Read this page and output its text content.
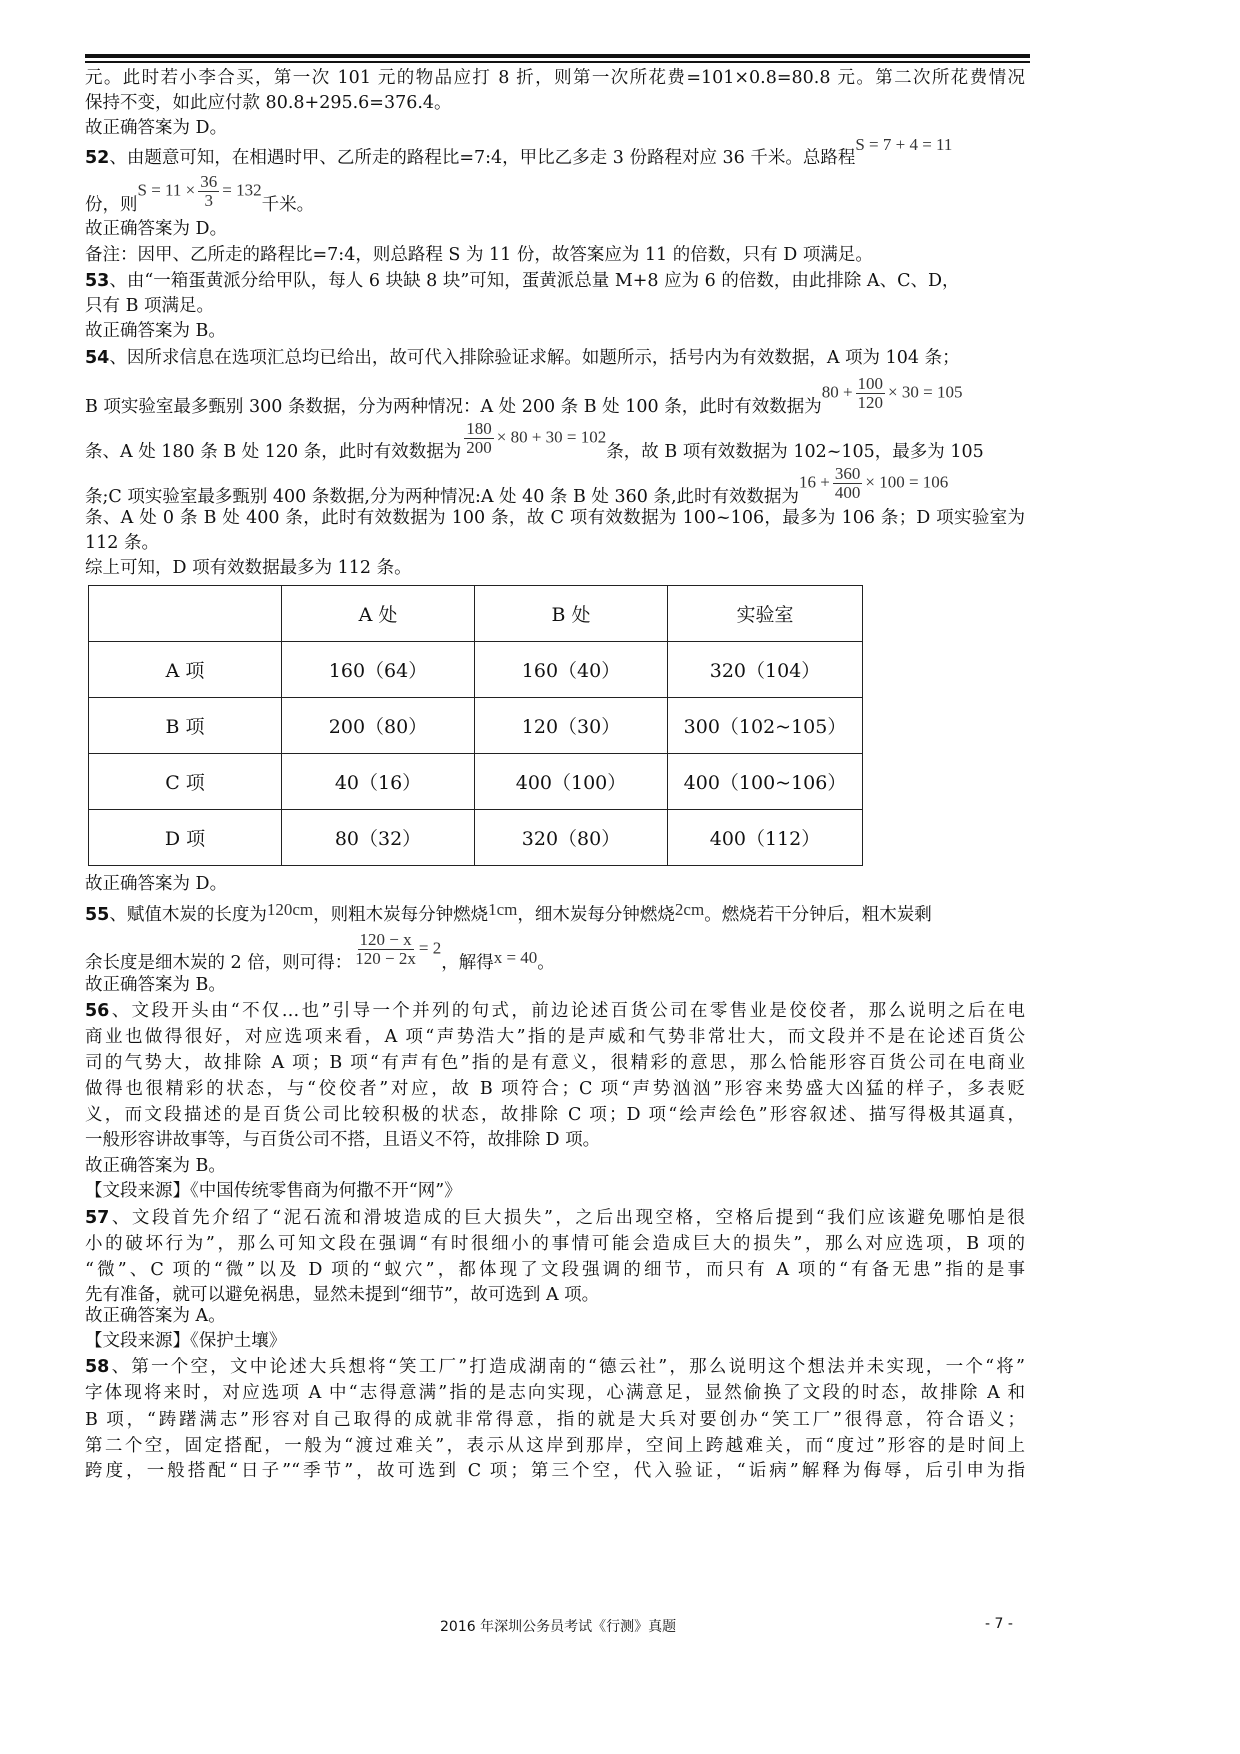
元。此时若小李合买，第一次 101 元的物品应打 8 折，则第一次所花费=101×0.8=80.8 元。第二次所花费情况
保持不变，如此应付款 80.8+295.6=376.4。
故正确答案为 D。
52、由题意可知，在相遇时甲、乙所走的路程比=7:4，甲比乙多走 3 份路程对应 36 千米。总路程S = 7 + 4 = 11
份，则$S = 11 \times \frac{36}{3} = 132$千米。
故正确答案为 D。
备注：因甲、乙所走的路程比=7:4，则总路程 S 为 11 份，故答案应为 11 的倍数，只有 D 项满足。
53、由“一箱蛋黄派分给甲队，每人 6 块缺 8 块”可知，蛋黄派总量 M+8 应为 6 的倍数，由此排除 A、C、D，
只有 B 项满足。
故正确答案为 B。
54、因所求信息在选项汇总均已给出，故可代入排除验证求解。如题所示，括号内为有效数据，A 项为 104 条；
B 项实验室最多甄别 300 条数据，分为两种情况：A 处 200 条 B 处 100 条，此时有效数据为$80 + \frac{100}{120} \times 30 = 105$
条、A 处 180 条 B 处 120 条，此时有效数据为 $\frac{180}{200} \times 80 + 30 = 102$条，故 B 项有效数据为 102~105，最多为 105
条;C 项实验室最多甄别 400 条数据,分为两种情况:A 处 40 条 B 处 360 条,此时有效数据为$16 + \frac{360}{400} \times 100 = 106$
条、A 处 0 条 B 处 400 条，此时有效数据为 100 条，故 C 项有效数据为 100~106，最多为 106 条；D 项实验室为
112 条。
综上可知，D 项有效数据最多为 112 条。
	A 处	B 处	实验室
A 项	160（64）	160（40）	320（104）
B 项	200（80）	120（30）	300（102~105）
C 项	40（16）	400（100）	400（100~106）
D 项	80（32）	320（80）	400（112）
故正确答案为 D。
55、赋值木炭的长度为120cm，则粗木炭每分钟燃烧1cm，细木炭每分钟燃烧2cm。燃烧若干分钟后，粗木炭剩
余长度是细木炭的 2 倍，则可得： $\frac{120 - x}{120 - 2x} = 2$，解得x = 40。
故正确答案为 B。
56、文段开头由“不仅…也”引导一个并列的句式，前边论述百货公司在零售业是佼佼者，那么说明之后在电
商业也做得很好，对应选项来看，A 项“声势浩大”指的是声威和气势非常壮大，而文段并不是在论述百货公
司的气势大，故排除 A 项；B 项“有声有色”指的是有意义，很精彩的意思，那么恰能形容百货公司在电商业
做得也很精彩的状态，与“佼佼者”对应，故 B 项符合；C 项“声势汹汹”形容来势盛大凶猛的样子，多表贬
义，而文段描述的是百货公司比较积极的状态，故排除 C 项；D 项“绘声绘色”形容叙述、描写得极其逼真，
一般形容讲故事等，与百货公司不搭，且语义不符，故排除 D 项。
故正确答案为 B。
【文段来源】《中国传统零售商为何撒不开“网”》
57、文段首先介绍了“泥石流和滑坡造成的巨大损失”，之后出现空格，空格后提到“我们应该避免哪怕是很
小的破坏行为”，那么可知文段在强调“有时很细小的事情可能会造成巨大的损失”，那么对应选项，B 项的
“微”、C 项的“微”以及 D 项的“蚁穴”，都体现了文段强调的细节，而只有 A 项的“有备无患”指的是事
先有准备，就可以避免祸患，显然未提到“细节”，故可选到 A 项。
故正确答案为 A。
【文段来源】《保护土壤》
58、第一个空，文中论述大兵想将“笑工厂”打造成湖南的“德云社”，那么说明这个想法并未实现，一个“将”
字体现将来时，对应选项 A 中“志得意满”指的是志向实现，心满意足，显然偷换了文段的时态，故排除 A 和
B 项，“踌躇满志”形容对自己取得的成就非常得意，指的就是大兵对要创办“笑工厂”很得意，符合语义；
第二个空，固定搭配，一般为“渡过难关”，表示从这岸到那岸，空间上跨越难关，而“度过”形容的是时间上
跨度，一般搭配“日子”“季节”，故可选到 C 项；第三个空，代入验证，“诟病”解释为侮辱，后引申为指
2016 年深圳公务员考试《行测》真题	- 7 -
